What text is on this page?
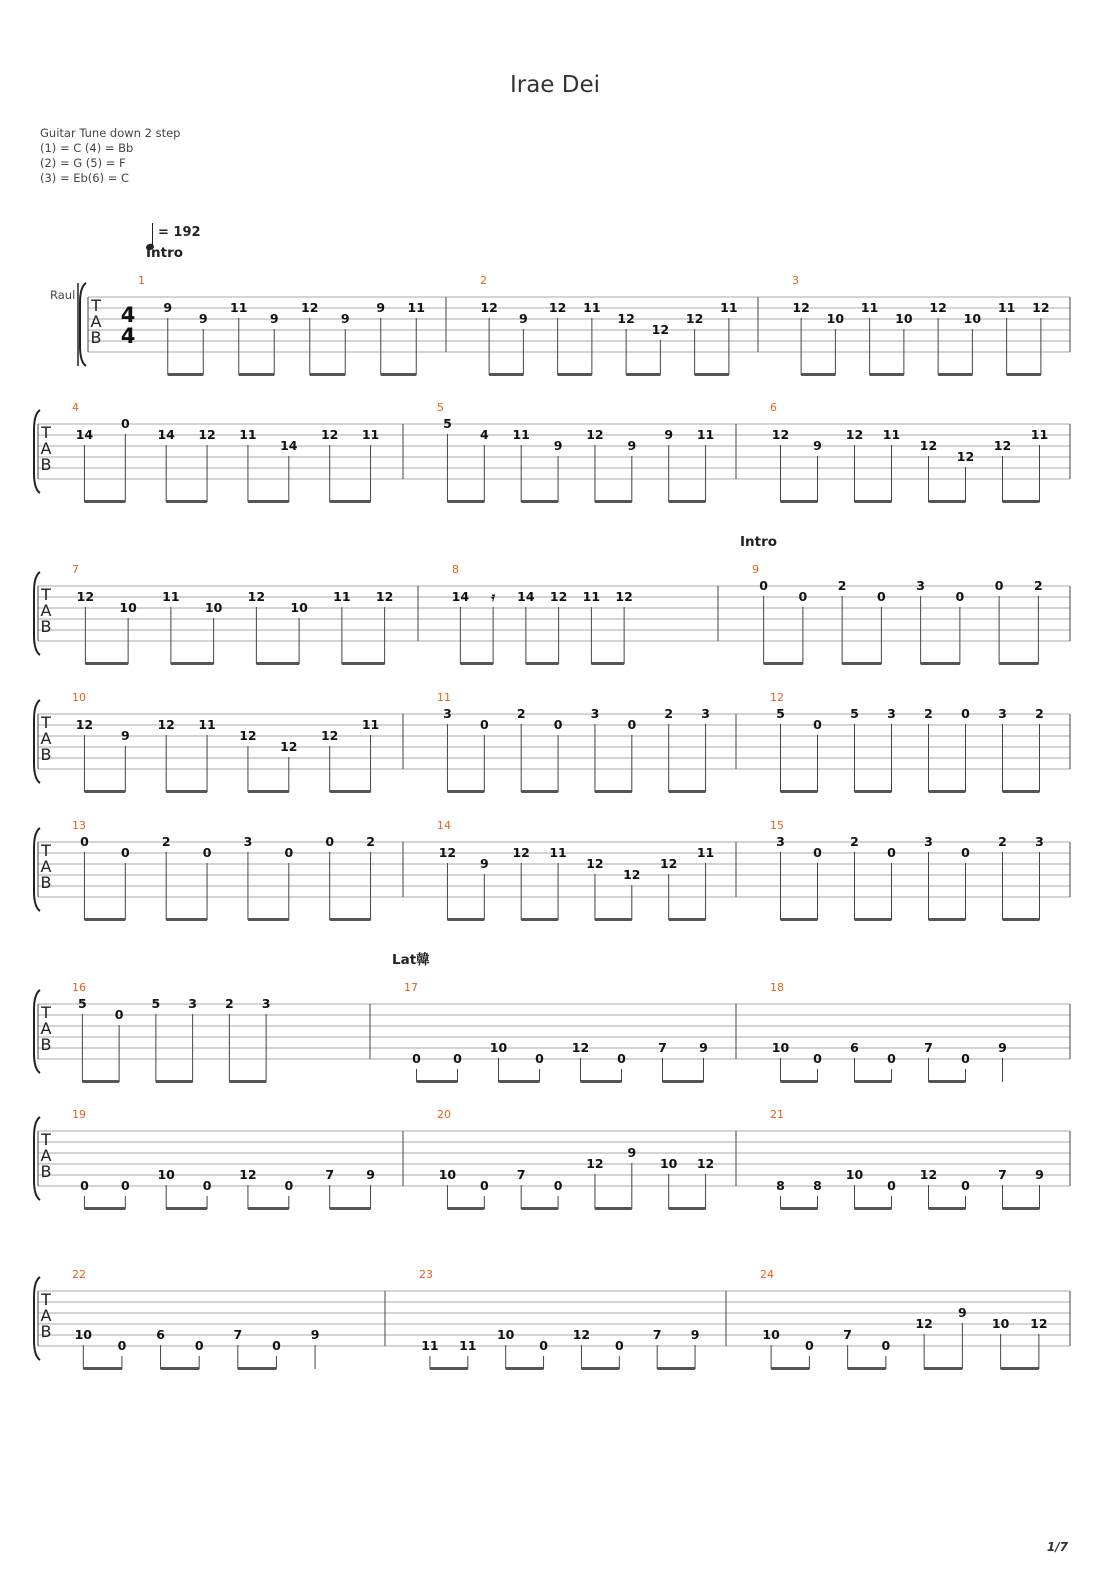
Irae Dei
Guitar Tune down 2 step
(1) = C (4) = Bb
(2) = G (5) = F
(3) = Eb(6) = C
= 192
T
A
B
4
4
Raul
1
Intro
9
9
11
9
12
9
9 11
2
12
9
12 11
12
12
12
11
3
12
10
11
10
12
10
11 12
T
A
B
4
14
0
14 12 11
14
12 11
5
5
4 11
9
12
9
9 11
6
12
9
12 11
12
12
12
11
T
A
B
7
12
10
11
10
12
10
11 12
8
14 𝄿 14 12 11 12
9
Intro
0
0
2
0
3
0
0 2
T
A
B
10
12
9
12 11
12
12
12
11
11
3
0
2
0
3
0
2 3
12
5
0
5 3 2 0 3 2
T
A
B
13
0
0
2
0
3
0
0	2
14
12
9
12 11
12
12
12
11
15
3
0
2
0
3
0
2 3
T
A
B
16
5
0
5 3 2 3
17
Lat韓
0	0
10
0
12
0
7	9
18
10
0
6
0
7
0
9
T
A
B
19
0	0
10
0
12
0
7	9
20
10
0
7
0
12
9
10 12
21
8 8
10
0
12
0
7 9
T
A
B
22
10
0
6
0
7
0
9
23
11 11
10
0
12
0
7 9
24
10
0
7
0
12
9
10 12
1/7
